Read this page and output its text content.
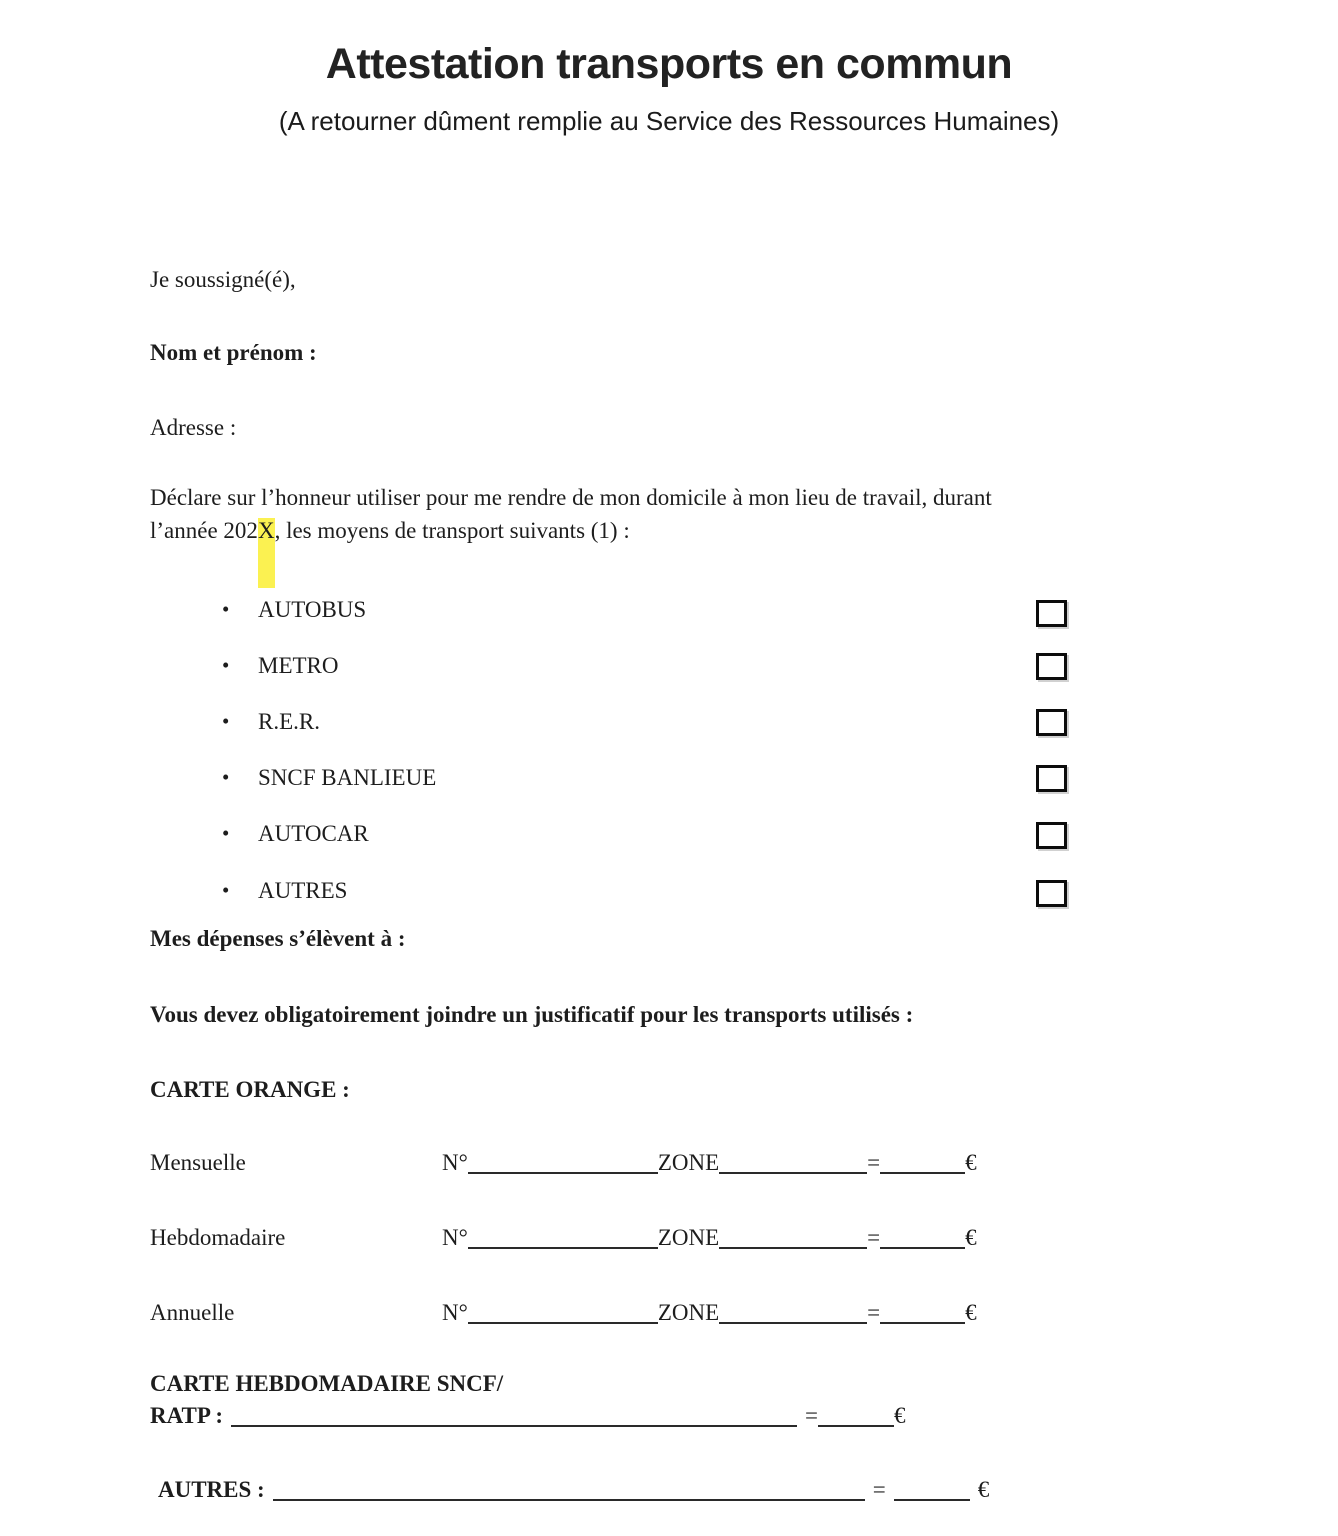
Attestation transports en commun
(A retourner dûment remplie au Service des Ressources Humaines)
Je soussigné(é),
Nom et prénom :
Adresse :
Déclare sur l’honneur utiliser pour me rendre de mon domicile à mon lieu de travail, durant
l’année 202X, les moyens de transport suivants (1) :
• AUTOBUS
• METRO
• R.E.R.
• SNCF BANLIEUE
• AUTOCAR
• AUTRES
Mes dépenses s’élèvent à :
Vous devez obligatoirement joindre un justificatif pour les transports utilisés :
CARTE ORANGE :
Mensuelle	N°	ZONE	=	€
Hebdomadaire	N°	ZONE	=	€
Annuelle	N°	ZONE	=	€
CARTE HEBDOMADAIRE SNCF/
RATP :	=	€
AUTRES :	=	€
